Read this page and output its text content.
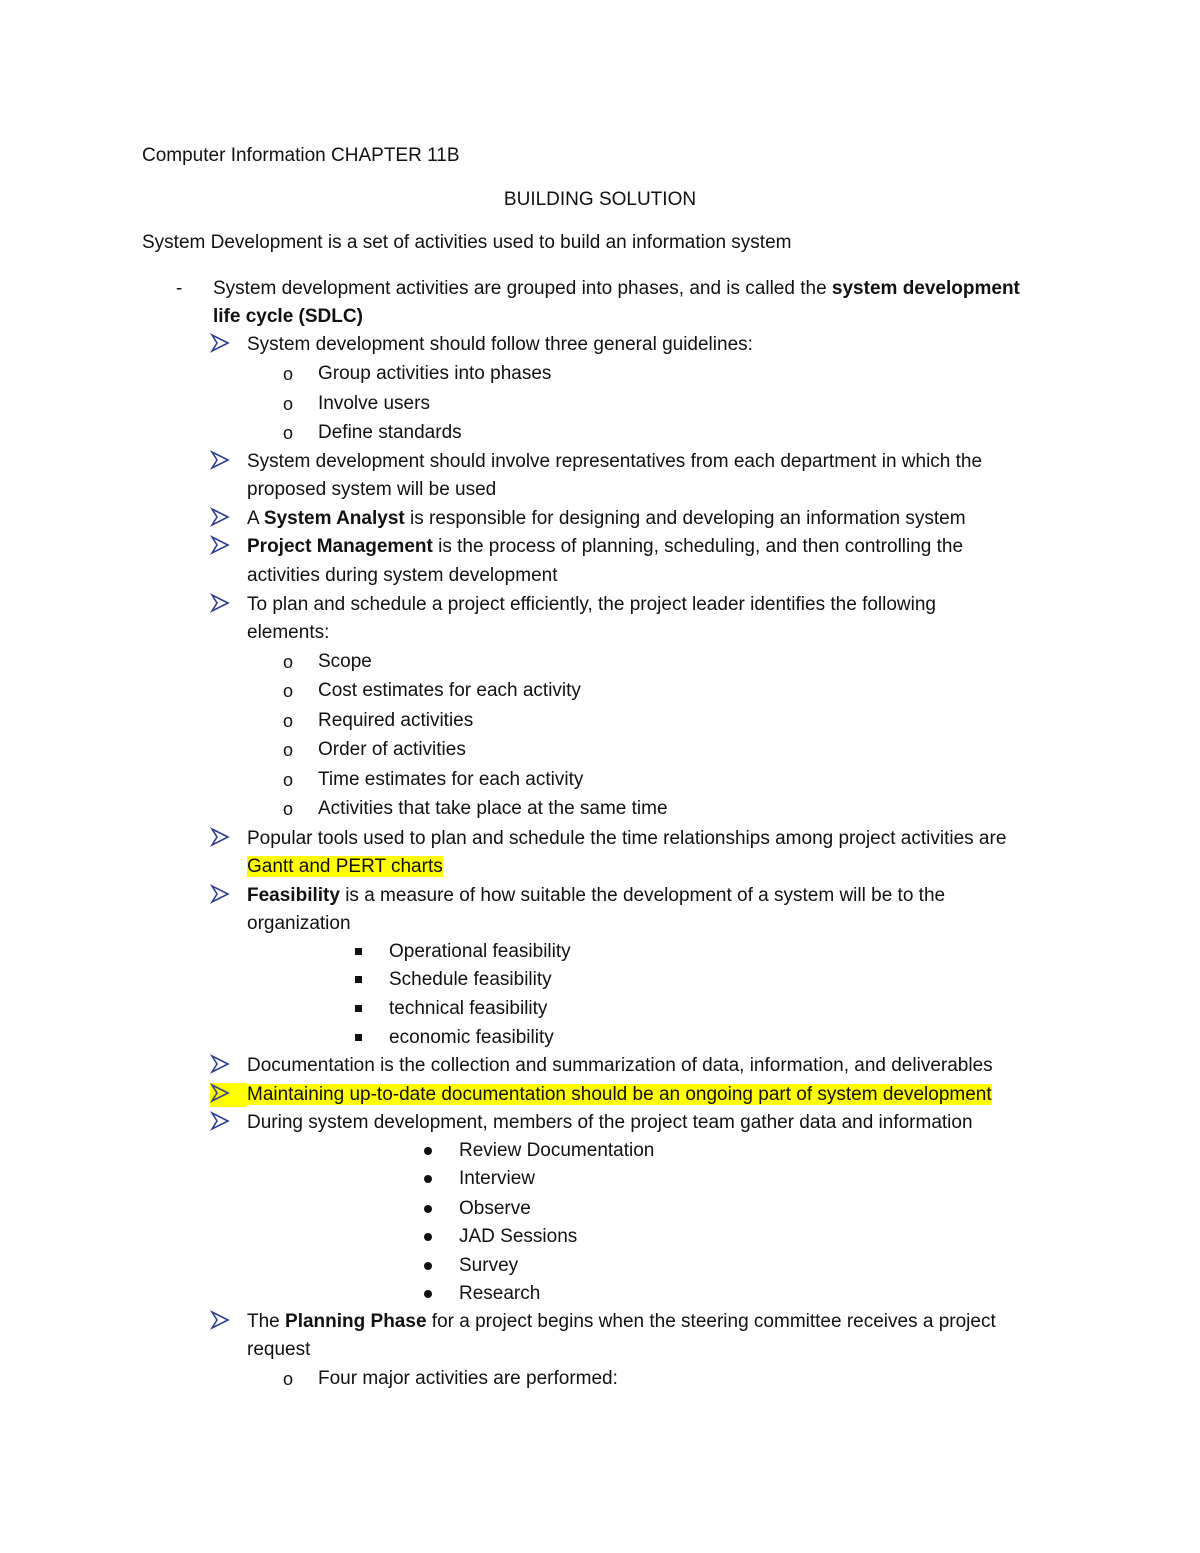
Computer Information CHAPTER 11B
BUILDING SOLUTION
System Development is a set of activities used to build an information system
- System development activities are grouped into phases, and is called the system development
life cycle (SDLC)
System development should follow three general guidelines:
o Group activities into phases
o Involve users
o Define standards
System development should involve representatives from each department in which the
proposed system will be used
A System Analyst is responsible for designing and developing an information system
Project Management is the process of planning, scheduling, and then controlling the
activities during system development
To plan and schedule a project efficiently, the project leader identifies the following
elements:
o Scope
o Cost estimates for each activity
o Required activities
o Order of activities
o Time estimates for each activity
o Activities that take place at the same time
Popular tools used to plan and schedule the time relationships among project activities are
Gantt and PERT charts
Feasibility is a measure of how suitable the development of a system will be to the
organization
Operational feasibility
Schedule feasibility
technical feasibility
economic feasibility
Documentation is the collection and summarization of data, information, and deliverables
Maintaining up-to-date documentation should be an ongoing part of system development
During system development, members of the project team gather data and information
Review Documentation
Interview
Observe
JAD Sessions
Survey
Research
The Planning Phase for a project begins when the steering committee receives a project
request
o Four major activities are performed:
